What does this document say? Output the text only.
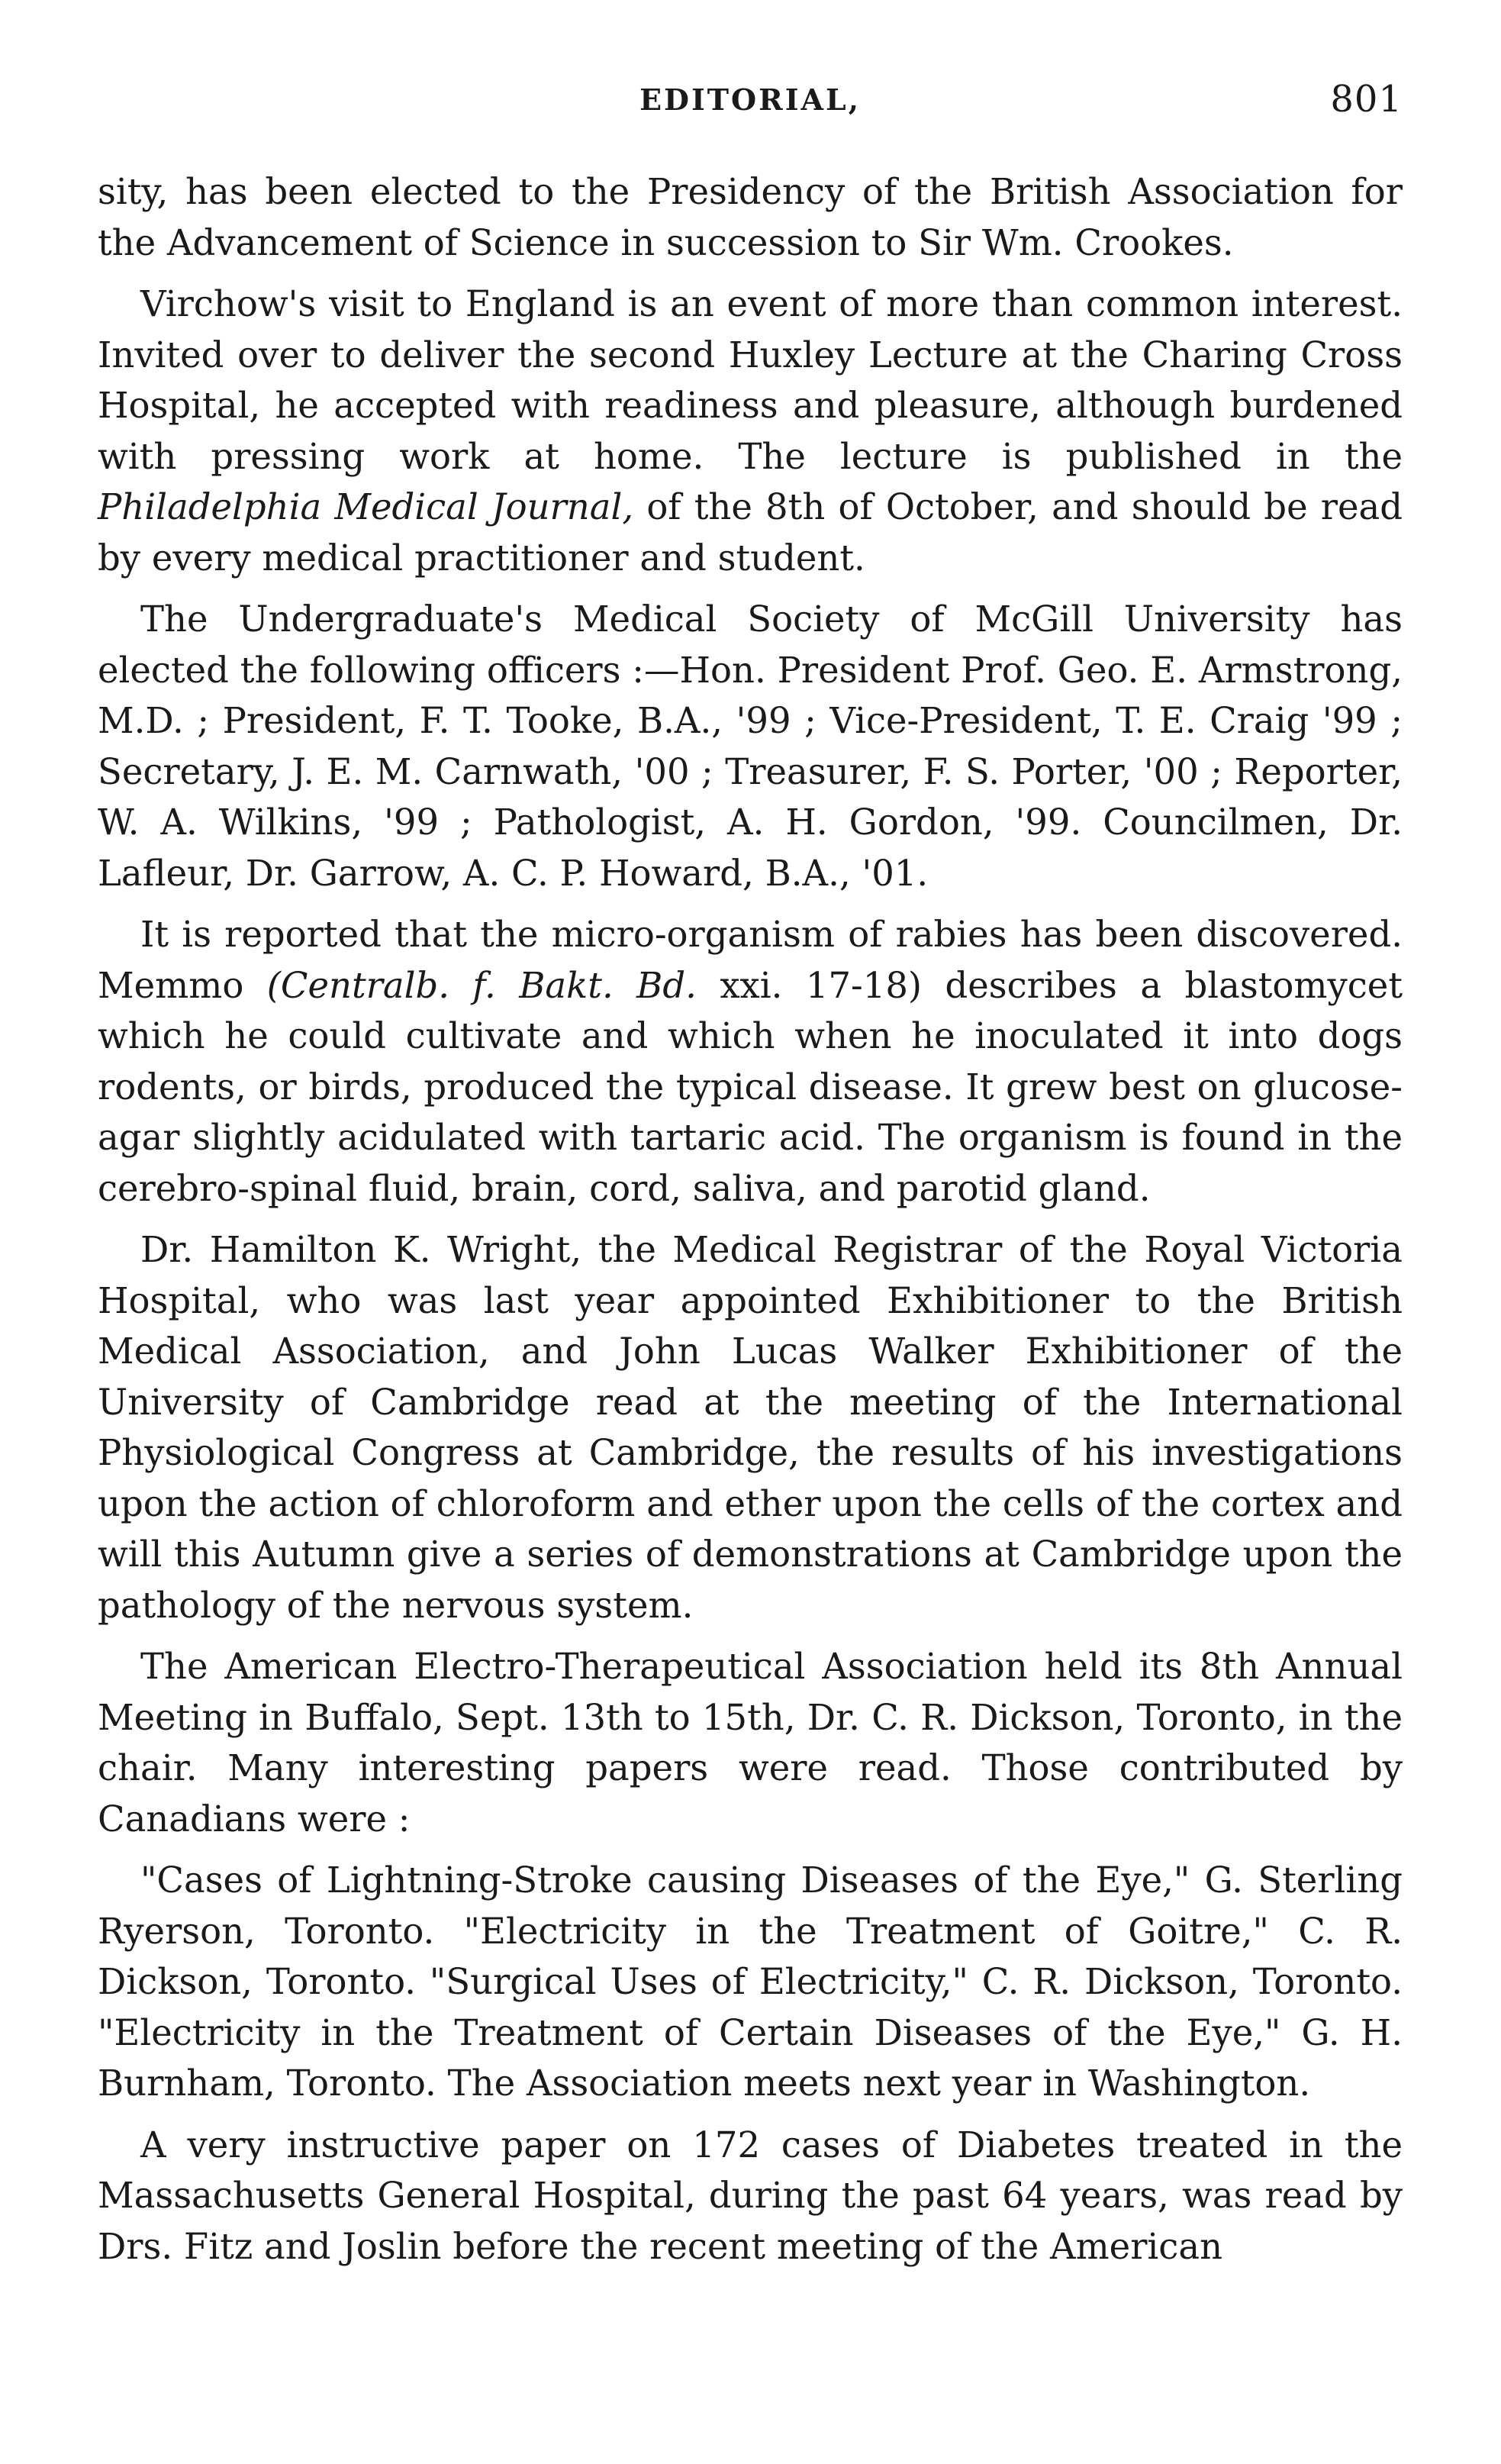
EDITORIAL,	801

sity, has been elected to the Presidency of the British Association for the Advancement of Science in succession to Sir Wm. Crookes.

Virchow's visit to England is an event of more than common interest. Invited over to deliver the second Huxley Lecture at the Charing Cross Hospital, he accepted with readiness and pleasure, although burdened with pressing work at home. The lecture is published in the Philadelphia Medical Journal, of the 8th of October, and should be read by every medical practitioner and student.

The Undergraduate's Medical Society of McGill University has elected the following officers :—Hon. President Prof. Geo. E. Armstrong, M.D. ; President, F. T. Tooke, B.A., '99 ; Vice-President, T. E. Craig '99 ; Secretary, J. E. M. Carnwath, '00 ; Treasurer, F. S. Porter, '00 ; Reporter, W. A. Wilkins, '99 ; Pathologist, A. H. Gordon, '99. Councilmen, Dr. Lafleur, Dr. Garrow, A. C. P. Howard, B.A., '01.

It is reported that the micro-organism of rabies has been discovered. Memmo (Centralb. f. Bakt. Bd. xxi. 17-18) describes a blastomycet which he could cultivate and which when he inoculated it into dogs rodents, or birds, produced the typical disease. It grew best on glucose-agar slightly acidulated with tartaric acid. The organism is found in the cerebro-spinal fluid, brain, cord, saliva, and parotid gland.

Dr. Hamilton K. Wright, the Medical Registrar of the Royal Victoria Hospital, who was last year appointed Exhibitioner to the British Medical Association, and John Lucas Walker Exhibitioner of the University of Cambridge read at the meeting of the International Physiological Congress at Cambridge, the results of his investigations upon the action of chloroform and ether upon the cells of the cortex and will this Autumn give a series of demonstrations at Cambridge upon the pathology of the nervous system.

The American Electro-Therapeutical Association held its 8th Annual Meeting in Buffalo, Sept. 13th to 15th, Dr. C. R. Dickson, Toronto, in the chair. Many interesting papers were read. Those contributed by Canadians were :

"Cases of Lightning-Stroke causing Diseases of the Eye," G. Sterling Ryerson, Toronto. "Electricity in the Treatment of Goitre," C. R. Dickson, Toronto. "Surgical Uses of Electricity," C. R. Dickson, Toronto. "Electricity in the Treatment of Certain Diseases of the Eye," G. H. Burnham, Toronto. The Association meets next year in Washington.

A very instructive paper on 172 cases of Diabetes treated in the Massachusetts General Hospital, during the past 64 years, was read by Drs. Fitz and Joslin before the recent meeting of the American
